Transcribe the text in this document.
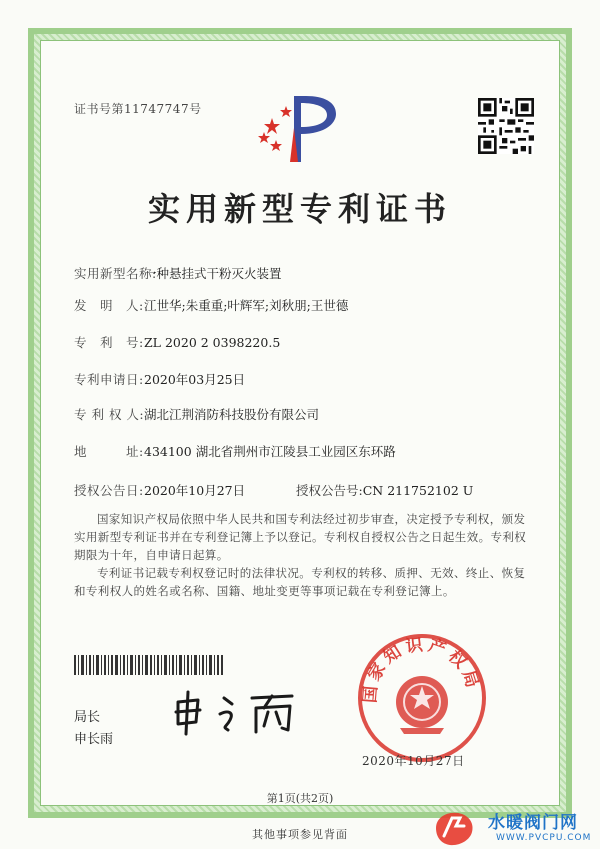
证书号第11747747号
实用新型专利证书
实用新型名称:一种悬挂式干粉灭火装置
发　明　人:江世华;朱重重;叶辉军;刘秋朋;王世德
专　利　号:ZL 2020 2 0398220.5
专利申请日:2020年03月25日
专 利 权 人:湖北江荆消防科技股份有限公司
地　　　址:434100 湖北省荆州市江陵县工业园区东环路
授权公告日:2020年10月27日	授权公告号:CN 211752102 U
国家知识产权局依照中华人民共和国专利法经过初步审查，决定授予专利权，颁发实用新型专利证书并在专利登记簿上予以登记。专利权自授权公告之日起生效。专利权期限为十年，自申请日起算。
专利证书记载专利权登记时的法律状况。专利权的转移、质押、无效、终止、恢复和专利权人的姓名或名称、国籍、地址变更等事项记载在专利登记簿上。
局长
申长雨
国家知识产权局
2020年10月27日
第1页(共2页)
其他事项参见背面
水暖阀门网
WWW.PVCPU.COM
